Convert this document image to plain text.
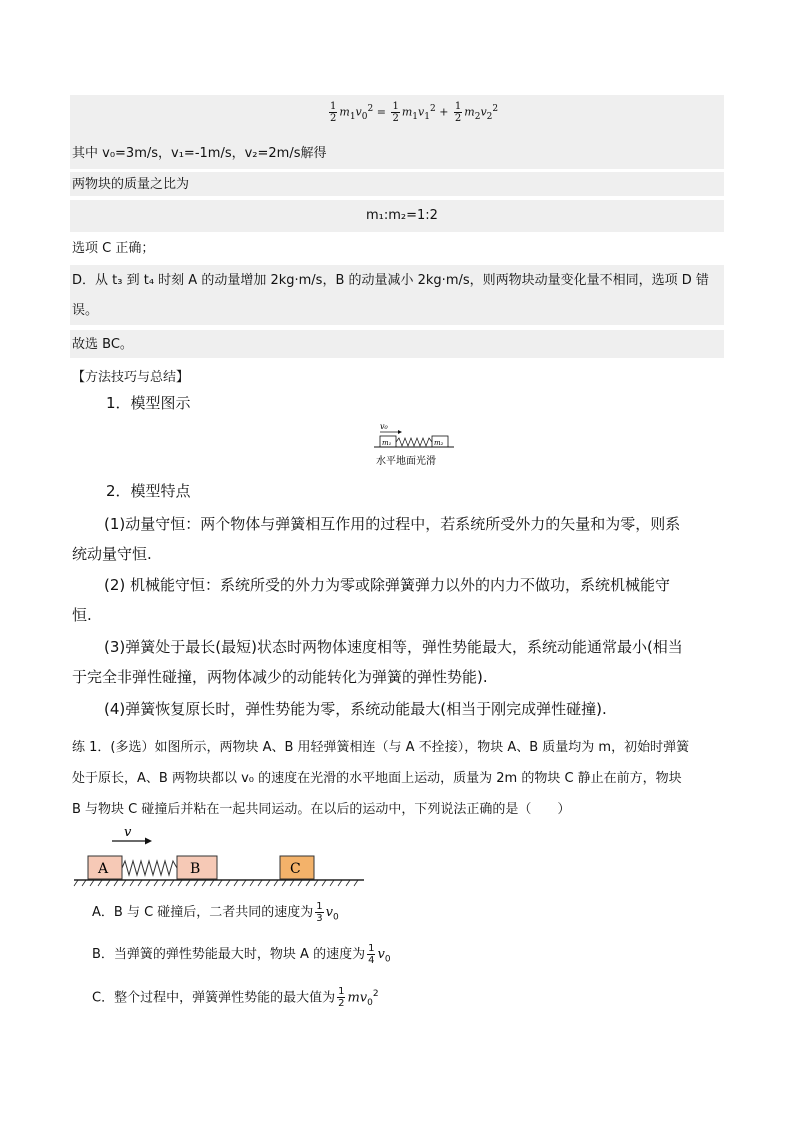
$\frac{1}{2} m_1v_0^2 = \frac{1}{2} m_1v_1^2 + \frac{1}{2} m_2v_2^2$
其中 v₀=3m/s，v₁=-1m/s，v₂=2m/s解得
两物块的质量之比为
m₁:m₂=1:2
选项 C 正确；
D．从 t₃ 到 t₄ 时刻 A 的动量增加 2kg·m/s，B 的动量减小 2kg·m/s，则两物块动量变化量不相同，选项 D 错
误。
故选 BC。
【方法技巧与总结】
1．模型图示
v₀
m₁	m₂
水平地面光滑
2．模型特点
(1)动量守恒：两个物体与弹簧相互作用的过程中，若系统所受外力的矢量和为零，则系
统动量守恒.
(2) 机械能守恒：系统所受的外力为零或除弹簧弹力以外的内力不做功，系统机械能守
恒.
(3)弹簧处于最长(最短)状态时两物体速度相等，弹性势能最大，系统动能通常最小(相当
于完全非弹性碰撞，两物体减少的动能转化为弹簧的弹性势能).
(4)弹簧恢复原长时，弹性势能为零，系统动能最大(相当于刚完成弹性碰撞).
练 1．(多选）如图所示，两物块 A、B 用轻弹簧相连（与 A 不拴接），物块 A、B 质量均为 m，初始时弹簧
处于原长，A、B 两物块都以 v₀ 的速度在光滑的水平地面上运动，质量为 2m 的物块 C 静止在前方，物块
B 与物块 C 碰撞后并粘在一起共同运动。在以后的运动中，下列说法正确的是（　　）
v
A	B	C
A．B 与 C 碰撞后，二者共同的速度为 $\frac{1}{3} v_0$
B．当弹簧的弹性势能最大时，物块 A 的速度为 $\frac{1}{4} v_0$
C．整个过程中，弹簧弹性势能的最大值为 $\frac{1}{2} mv_0^2$
